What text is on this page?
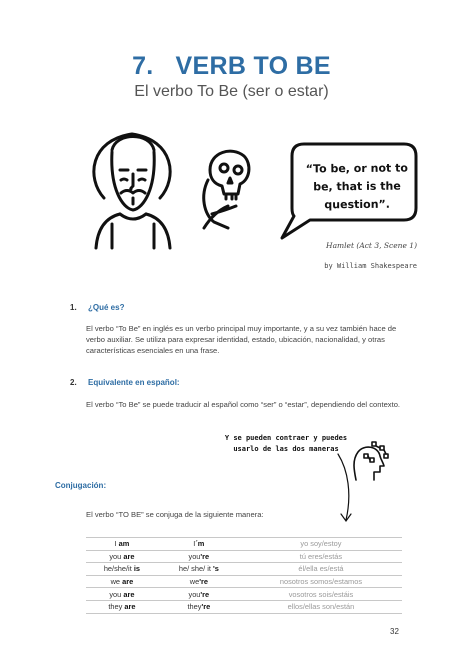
7. VERB TO BE
El verbo To Be (ser o estar)
“To be, or not to be, that is the question”.
Hamlet (Act 3, Scene 1)
by William Shakespeare
1. ¿Qué es?
El verbo “To Be” en inglés es un verbo principal muy importante, y a su vez también hace de verbo auxiliar. Se utiliza para expresar identidad, estado, ubicación, nacionalidad, y otras características esenciales en una frase.
2. Equivalente en español:
El verbo “To Be” se puede traducir al español como “ser” o “estar”, dependiendo del contexto.
Y se pueden contraer y puedes usarlo de las dos maneras
Conjugación:
El verbo “TO BE” se conjuga de la siguiente manera:
I am	I´m	yo soy/estoy
you are	you're	tú eres/estás
he/she/it is	he/ she/ it 's	él/ella es/está
we are	we're	nosotros somos/estamos
you are	you're	vosotros sois/estáis
they are	they're	ellos/ellas son/están
32
